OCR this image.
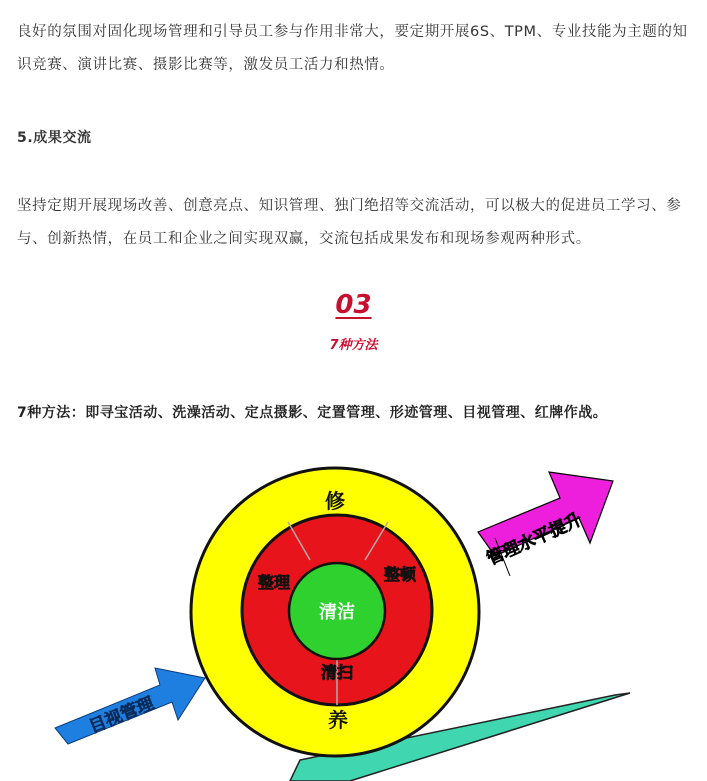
良好的氛围对固化现场管理和引导员工参与作用非常大，要定期开展6S、TPM、专业技能为主题的知识竞赛、演讲比赛、摄影比赛等，激发员工活力和热情。

5.成果交流

坚持定期开展现场改善、创意亮点、知识管理、独门绝招等交流活动，可以极大的促进员工学习、参与、创新热情，在员工和企业之间实现双赢，交流包括成果发布和现场参观两种形式。

03
7种方法

7种方法：即寻宝活动、洗澡活动、定点摄影、定置管理、形迹管理、目视管理、红牌作战。

目视管理
管理水平提升
修
养
整理	整顿
清扫
清洁
